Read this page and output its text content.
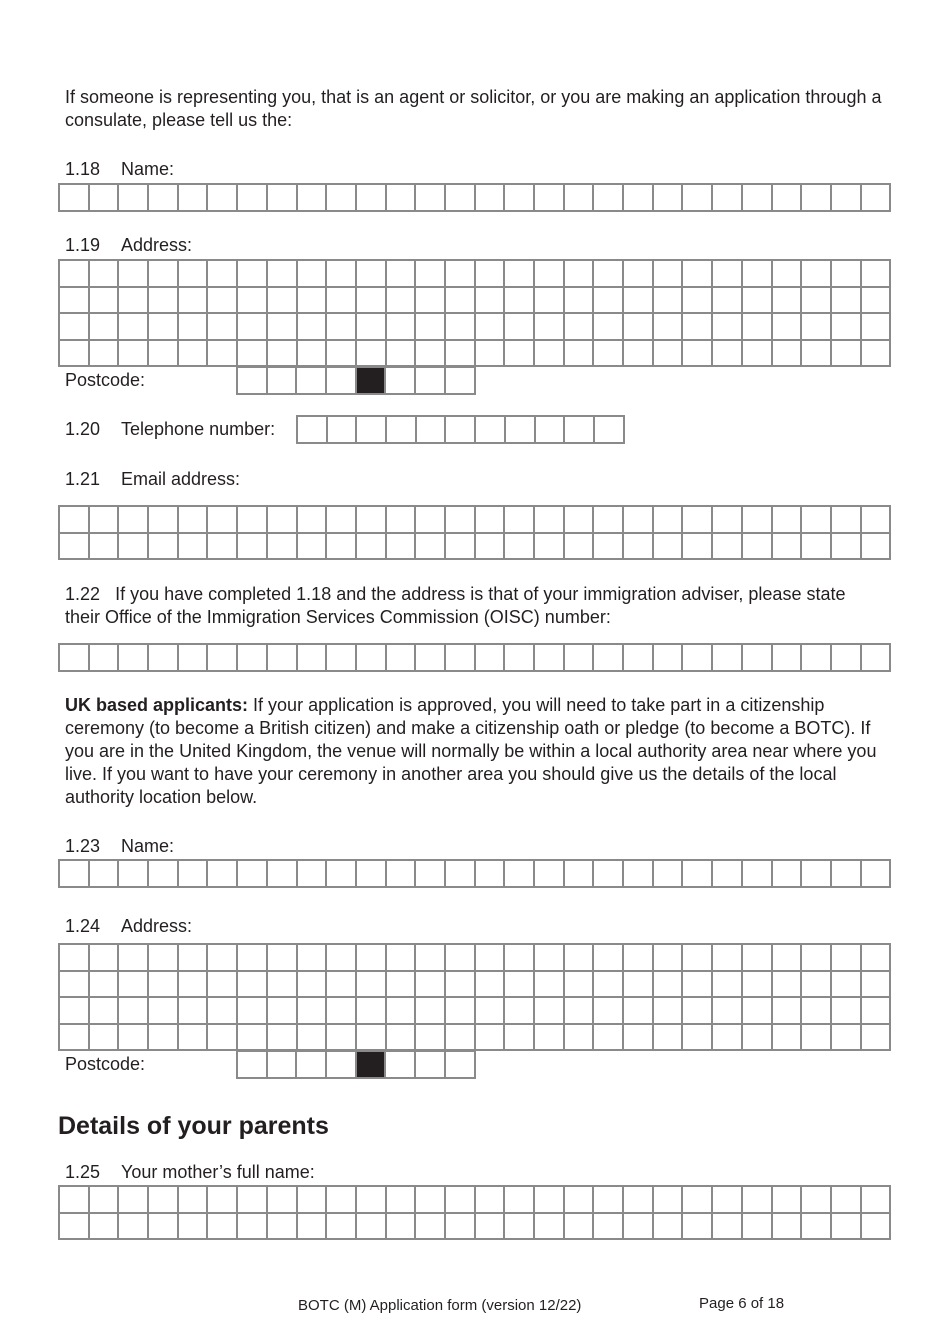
If someone is representing you, that is an agent or solicitor, or you are making an application through a consulate, please tell us the:

1.18 Name:
1.19 Address:
Postcode:
1.20 Telephone number:
1.21 Email address:

1.22 If you have completed 1.18 and the address is that of your immigration adviser, please state their Office of the Immigration Services Commission (OISC) number:

UK based applicants: If your application is approved, you will need to take part in a citizenship ceremony (to become a British citizen) and make a citizenship oath or pledge (to become a BOTC). If you are in the United Kingdom, the venue will normally be within a local authority area near where you live. If you want to have your ceremony in another area you should give us the details of the local authority location below.

1.23 Name:
1.24 Address:
Postcode:
Details of your parents
1.25 Your mother’s full name:
BOTC (M) Application form (version 12/22)	Page 6 of 18
